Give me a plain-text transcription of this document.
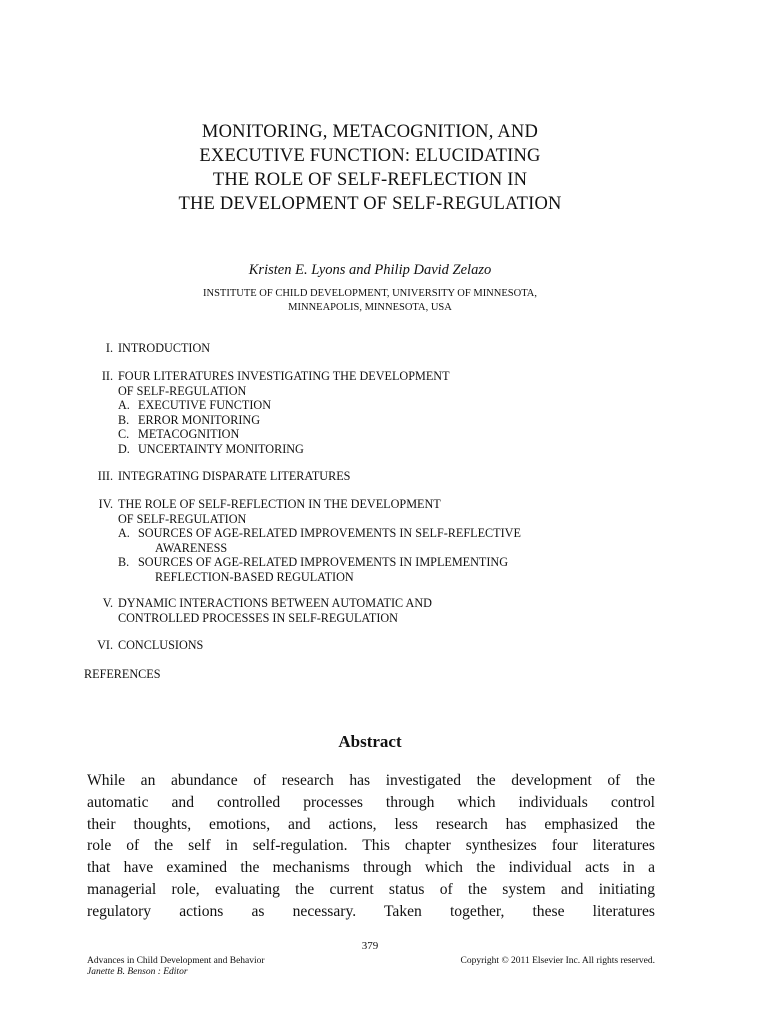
MONITORING, METACOGNITION, AND
EXECUTIVE FUNCTION: ELUCIDATING
THE ROLE OF SELF-REFLECTION IN
THE DEVELOPMENT OF SELF-REGULATION
Kristen E. Lyons and Philip David Zelazo
INSTITUTE OF CHILD DEVELOPMENT, UNIVERSITY OF MINNESOTA,
MINNEAPOLIS, MINNESOTA, USA
I. INTRODUCTION
II. FOUR LITERATURES INVESTIGATING THE DEVELOPMENT
OF SELF-REGULATION
A. EXECUTIVE FUNCTION
B. ERROR MONITORING
C. METACOGNITION
D. UNCERTAINTY MONITORING
III. INTEGRATING DISPARATE LITERATURES
IV. THE ROLE OF SELF-REFLECTION IN THE DEVELOPMENT
OF SELF-REGULATION
A. SOURCES OF AGE-RELATED IMPROVEMENTS IN SELF-REFLECTIVE
AWARENESS
B. SOURCES OF AGE-RELATED IMPROVEMENTS IN IMPLEMENTING
REFLECTION-BASED REGULATION
V. DYNAMIC INTERACTIONS BETWEEN AUTOMATIC AND
CONTROLLED PROCESSES IN SELF-REGULATION
VI. CONCLUSIONS
REFERENCES
Abstract

While an abundance of research has investigated the development of the

automatic and controlled processes through which individuals control

their thoughts, emotions, and actions, less research has emphasized the

role of the self in self-regulation. This chapter synthesizes four literatures

that have examined the mechanisms through which the individual acts in a

managerial role, evaluating the current status of the system and initiating

regulatory actions as necessary. Taken together, these literatures

379
Advances in Child Development and Behavior
Janette B. Benson : Editor
Copyright © 2011 Elsevier Inc. All rights reserved.
